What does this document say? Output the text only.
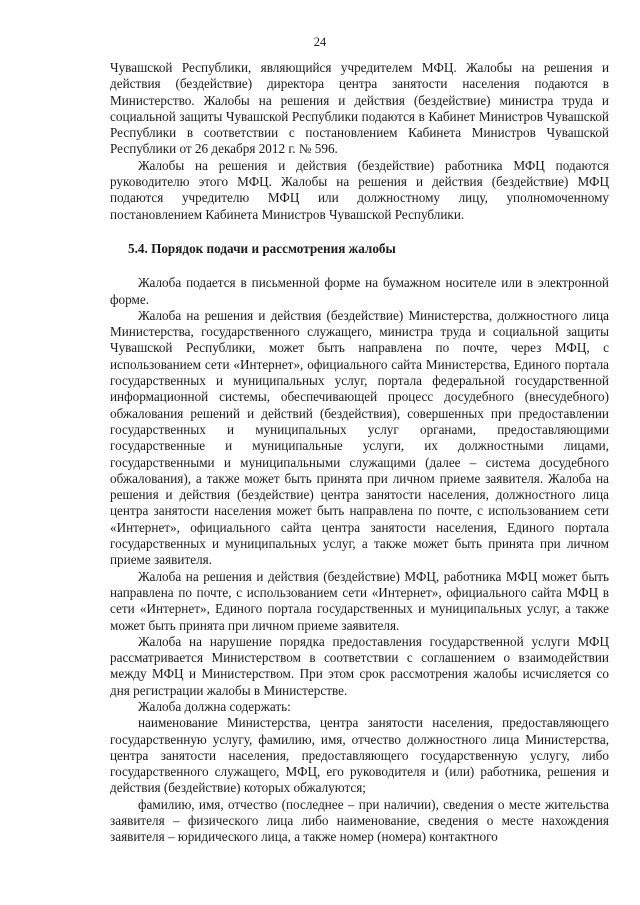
24

Чувашской Республики, являющийся учредителем МФЦ. Жалобы на решения и действия (бездействие) директора центра занятости населения подаются в Министерство. Жалобы на решения и действия (бездействие) министра труда и социальной защиты Чувашской Республики подаются в Кабинет Министров Чувашской Республики в соответствии с постановлением Кабинета Министров Чувашской Республики от 26 декабря 2012 г. № 596.

Жалобы на решения и действия (бездействие) работника МФЦ подаются руководителю этого МФЦ. Жалобы на решения и действия (бездействие) МФЦ подаются учредителю МФЦ или должностному лицу, уполномоченному постановлением Кабинета Министров Чувашской Республики.

5.4. Порядок подачи и рассмотрения жалобы

Жалоба подается в письменной форме на бумажном носителе или в электронной форме.

Жалоба на решения и действия (бездействие) Министерства, должностного лица Министерства, государственного служащего, министра труда и социальной защиты Чувашской Республики, может быть направлена по почте, через МФЦ, с использованием сети «Интернет», официального сайта Министерства, Единого портала государственных и муниципальных услуг, портала федеральной государственной информационной системы, обеспечивающей процесс досудебного (внесудебного) обжалования решений и действий (бездействия), совершенных при предоставлении государственных и муниципальных услуг органами, предоставляющими государственные и муниципальные услуги, их должностными лицами, государственными и муниципальными служащими (далее – система досудебного обжалования), а также может быть принята при личном приеме заявителя. Жалоба на решения и действия (бездействие) центра занятости населения, должностного лица центра занятости населения может быть направлена по почте, с использованием сети «Интернет», официального сайта центра занятости населения, Единого портала государственных и муниципальных услуг, а также может быть принята при личном приеме заявителя.

Жалоба на решения и действия (бездействие) МФЦ, работника МФЦ может быть направлена по почте, с использованием сети «Интернет», официального сайта МФЦ в сети «Интернет», Единого портала государственных и муниципальных услуг, а также может быть принята при личном приеме заявителя.

Жалоба на нарушение порядка предоставления государственной услуги МФЦ рассматривается Министерством в соответствии с соглашением о взаимодействии между МФЦ и Министерством. При этом срок рассмотрения жалобы исчисляется со дня регистрации жалобы в Министерстве.

Жалоба должна содержать:

наименование Министерства, центра занятости населения, предоставляющего государственную услугу, фамилию, имя, отчество должностного лица Министерства, центра занятости населения, предоставляющего государственную услугу, либо государственного служащего, МФЦ, его руководителя и (или) работника, решения и действия (бездействие) которых обжалуются;

фамилию, имя, отчество (последнее – при наличии), сведения о месте жительства заявителя – физического лица либо наименование, сведения о месте нахождения заявителя – юридического лица, а также номер (номера) контактного
